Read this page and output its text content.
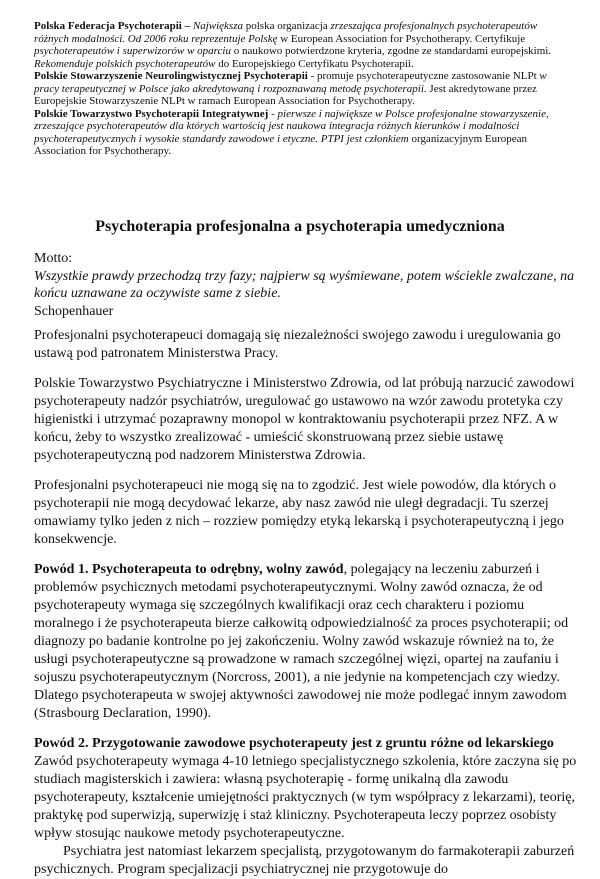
Polska Federacja Psychoterapii – Największa polska organizacja zrzeszająca profesjonalnych psychoterapeutów różnych modalności. Od 2006 roku reprezentuje Polskę w European Association for Psychotherapy. Certyfikuje psychoterapeutów i superwizorów w oparciu o naukowo potwierdzone kryteria, zgodne ze standardami europejskimi. Rekomenduje polskich psychoterapeutów do Europejskiego Certyfikatu Psychoterapii.

Polskie Stowarzyszenie Neurolingwistycznej Psychoterapii - promuje psychoterapeutyczne zastosowanie NLPt w pracy terapeutycznej w Polsce jako akredytowaną i rozpoznawaną metodę psychoterapii. Jest akredytowane przez Europejskie Stowarzyszenie NLPt w ramach European Association for Psychotherapy.

Polskie Towarzystwo Psychoterapii Integratywnej - pierwsze i największe w Polsce profesjonalne stowarzyszenie, zrzeszające psychoterapeutów dla których wartością jest naukowa integracja różnych kierunków i modalności psychoterapeutycznych i wysokie standardy zawodowe i etyczne. PTPI jest członkiem organizacyjnym European Association for Psychotherapy.

Psychoterapia profesjonalna a psychoterapia umedyczniona
Motto:
Wszystkie prawdy przechodzą trzy fazy; najpierw są wyśmiewane, potem wściekle zwalczane, na końcu uznawane za oczywiste same z siebie.
Schopenhauer

Profesjonalni psychoterapeuci domagają się niezależności swojego zawodu i uregulowania go ustawą pod patronatem Ministerstwa Pracy.

Polskie Towarzystwo Psychiatryczne i Ministerstwo Zdrowia, od lat próbują narzucić zawodowi psychoterapeuty nadzór psychiatrów, uregulować go ustawowo na wzór zawodu protetyka czy higienistki i utrzymać pozaprawny monopol w kontraktowaniu psychoterapii przez NFZ. A w końcu, żeby to wszystko zrealizować - umieścić skonstruowaną przez siebie ustawę psychoterapeutyczną pod nadzorem Ministerstwa Zdrowia.

Profesjonalni psychoterapeuci nie mogą się na to zgodzić. Jest wiele powodów, dla których o psychoterapii nie mogą decydować lekarze, aby nasz zawód nie uległ degradacji. Tu szerzej omawiamy tylko jeden z nich – rozziew pomiędzy etyką lekarską i psychoterapeutyczną i jego konsekwencje.

Powód 1. Psychoterapeuta to odrębny, wolny zawód, polegający na leczeniu zaburzeń i problemów psychicznych metodami psychoterapeutycznymi. Wolny zawód oznacza, że od psychoterapeuty wymaga się szczególnych kwalifikacji oraz cech charakteru i poziomu moralnego i że psychoterapeuta bierze całkowitą odpowiedzialność za proces psychoterapii; od diagnozy po badanie kontrolne po jej zakończeniu. Wolny zawód wskazuje również na to, że usługi psychoterapeutyczne są prowadzone w ramach szczególnej więzi, opartej na zaufaniu i sojuszu psychoterapeutycznym (Norcross, 2001), a nie jedynie na kompetencjach czy wiedzy. Dlatego psychoterapeuta w swojej aktywności zawodowej nie może podlegać innym zawodom (Strasbourg Declaration, 1990).

Powód 2. Przygotowanie zawodowe psychoterapeuty jest z gruntu różne od lekarskiego Zawód psychoterapeuty wymaga 4-10 letniego specjalistycznego szkolenia, które zaczyna się po studiach magisterskich i zawiera: własną psychoterapię - formę unikalną dla zawodu psychoterapeuty, kształcenie umiejętności praktycznych (w tym współpracy z lekarzami), teorię, praktykę pod superwizją, superwizję i staż kliniczny. Psychoterapeuta leczy poprzez osobisty wpływ stosując naukowe metody psychoterapeutyczne.

Psychiatra jest natomiast lekarzem specjalistą, przygotowanym do farmakoterapii zaburzeń psychicznych. Program specjalizacji psychiatrycznej nie przygotowuje do
